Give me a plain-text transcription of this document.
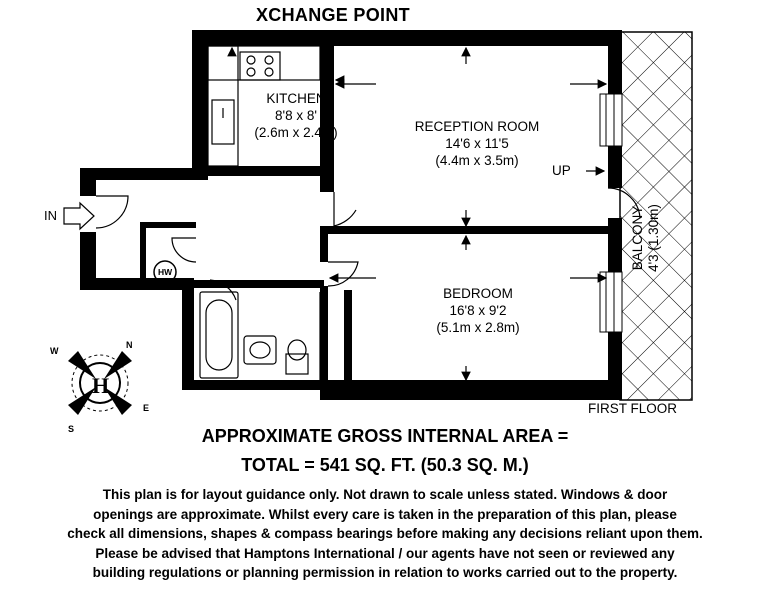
XCHANGE POINT

KITCHEN
8'8 x 8'
(2.6m x 2.4m)	RECEPTION ROOM
14'6 x 11'5
(4.4m x 3.5m)
BEDROOM
16'8 x 9'2
(5.1m x 2.8m)
BALCONY 4'3 (1.30m)

UP

IN

HW

FIRST FLOOR

H
N
W
E
S	APPROXIMATE GROSS INTERNAL AREA =

TOTAL = 541 SQ. FT. (50.3 SQ. M.)

This plan is for layout guidance only. Not drawn to scale unless stated. Windows & door
openings are approximate. Whilst every care is taken in the preparation of this plan, please
check all dimensions, shapes & compass bearings before making any decisions reliant upon them.
Please be advised that Hamptons International / our agents have not seen or reviewed any
building regulations or planning permission in relation to works carried out to the property.
